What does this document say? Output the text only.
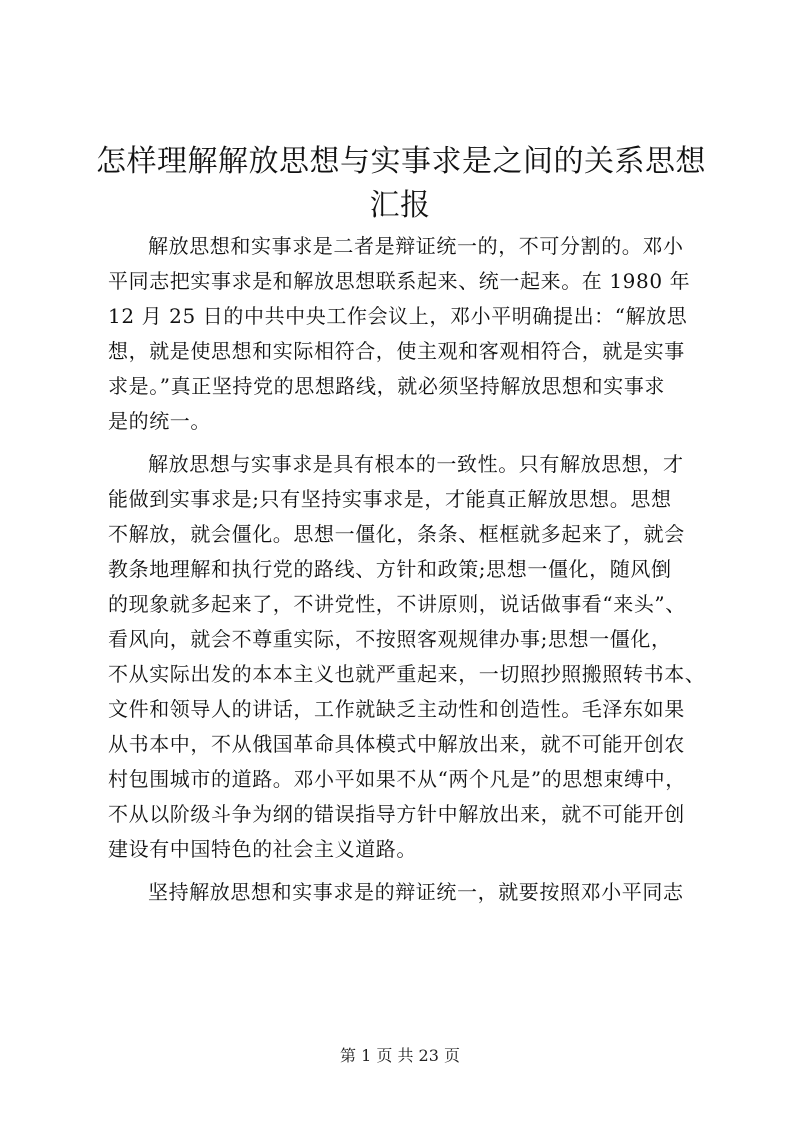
怎样理解解放思想与实事求是之间的关系思想
汇报
解放思想和实事求是二者是辩证统一的，不可分割的。邓小
平同志把实事求是和解放思想联系起来、统一起来。在 1980 年
12 月 25 日的中共中央工作会议上，邓小平明确提出：“解放思
想，就是使思想和实际相符合，使主观和客观相符合，就是实事
求是。”真正坚持党的思想路线，就必须坚持解放思想和实事求
是的统一。
解放思想与实事求是具有根本的一致性。只有解放思想，才
能做到实事求是;只有坚持实事求是，才能真正解放思想。思想
不解放，就会僵化。思想一僵化，条条、框框就多起来了，就会
教条地理解和执行党的路线、方针和政策;思想一僵化，随风倒
的现象就多起来了，不讲党性，不讲原则，说话做事看“来头”、
看风向，就会不尊重实际，不按照客观规律办事;思想一僵化，
不从实际出发的本本主义也就严重起来，一切照抄照搬照转书本、
文件和领导人的讲话，工作就缺乏主动性和创造性。毛泽东如果
从书本中，不从俄国革命具体模式中解放出来，就不可能开创农
村包围城市的道路。邓小平如果不从“两个凡是”的思想束缚中，
不从以阶级斗争为纲的错误指导方针中解放出来，就不可能开创
建设有中国特色的社会主义道路。
坚持解放思想和实事求是的辩证统一，就要按照邓小平同志
第 1 页 共 23 页
